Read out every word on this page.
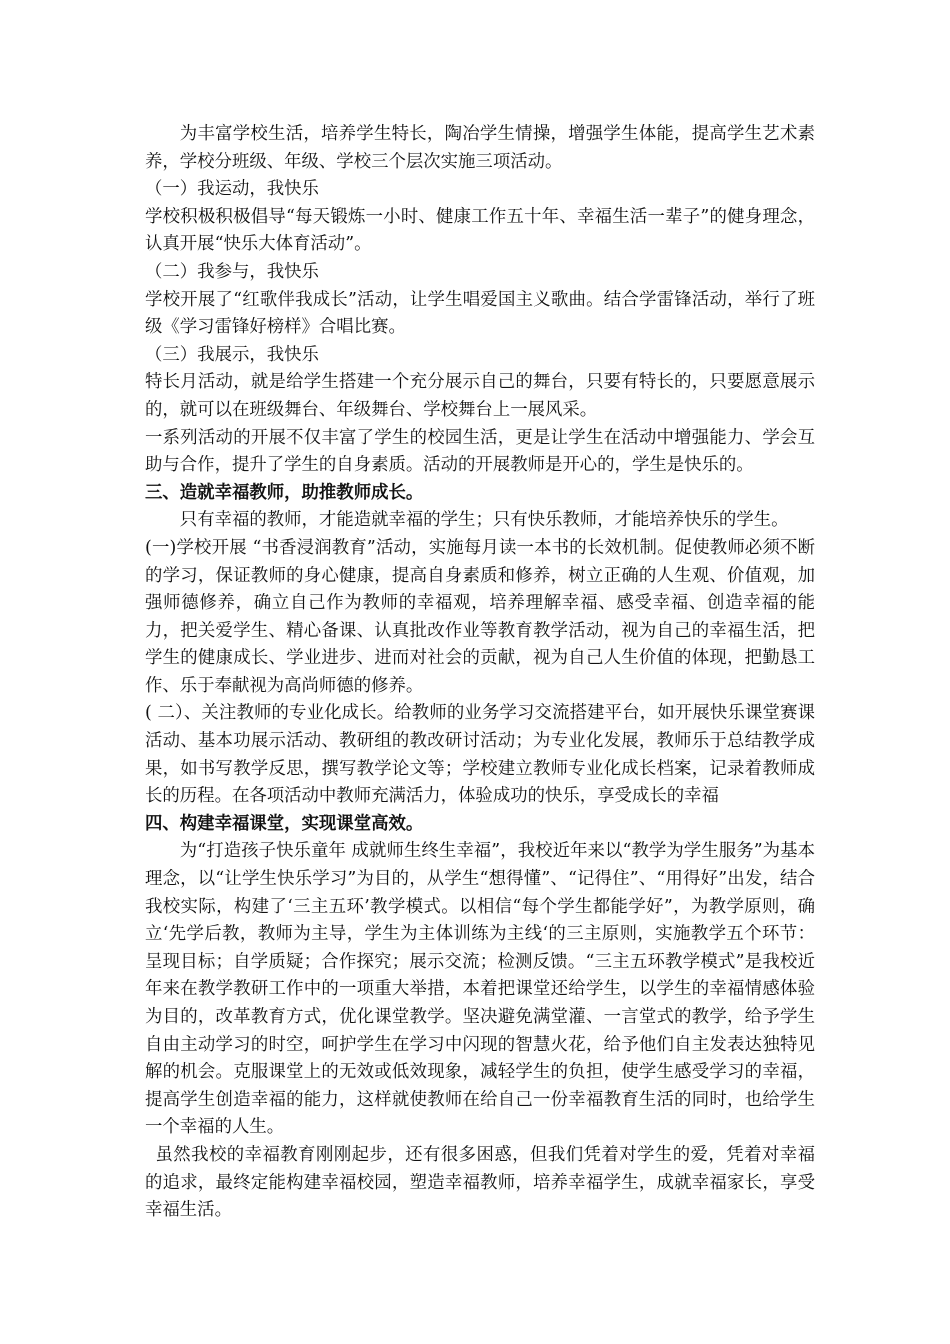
为丰富学校生活，培养学生特长，陶冶学生情操，增强学生体能，提高学生艺术素养，学校分班级、年级、学校三个层次实施三项活动。

（一）我运动，我快乐

学校积极积极倡导“每天锻炼一小时、健康工作五十年、幸福生活一辈子”的健身理念，认真开展“快乐大体育活动”。

（二）我参与，我快乐

学校开展了“红歌伴我成长”活动，让学生唱爱国主义歌曲。结合学雷锋活动，举行了班级《学习雷锋好榜样》合唱比赛。

（三）我展示，我快乐

特长月活动，就是给学生搭建一个充分展示自己的舞台，只要有特长的，只要愿意展示的，就可以在班级舞台、年级舞台、学校舞台上一展风采。

一系列活动的开展不仅丰富了学生的校园生活，更是让学生在活动中增强能力、学会互助与合作，提升了学生的自身素质。活动的开展教师是开心的，学生是快乐的。

三、造就幸福教师，助推教师成长。

只有幸福的教师，才能造就幸福的学生；只有快乐教师，才能培养快乐的学生。

(一)学校开展 “书香浸润教育”活动，实施每月读一本书的长效机制。促使教师必须不断的学习，保证教师的身心健康，提高自身素质和修养，树立正确的人生观、价值观，加强师德修养，确立自己作为教师的幸福观，培养理解幸福、感受幸福、创造幸福的能力，把关爱学生、精心备课、认真批改作业等教育教学活动，视为自己的幸福生活，把学生的健康成长、学业进步、进而对社会的贡献，视为自己人生价值的体现，把勤恳工作、乐于奉献视为高尚师德的修养。

( 二）、关注教师的专业化成长。给教师的业务学习交流搭建平台，如开展快乐课堂赛课活动、基本功展示活动、教研组的教改研讨活动；为专业化发展，教师乐于总结教学成果，如书写教学反思，撰写教学论文等；学校建立教师专业化成长档案，记录着教师成长的历程。在各项活动中教师充满活力，体验成功的快乐，享受成长的幸福

四、构建幸福课堂，实现课堂高效。

为“打造孩子快乐童年 成就师生终生幸福”，我校近年来以“教学为学生服务”为基本理念，以“让学生快乐学习”为目的，从学生“想得懂”、“记得住”、“用得好”出发，结合我校实际，构建了‘三主五环’教学模式。以相信“每个学生都能学好”，为教学原则，确立‘先学后教，教师为主导，学生为主体训练为主线‘的三主原则，实施教学五个环节：呈现目标；自学质疑；合作探究；展示交流；检测反馈。“三主五环教学模式”是我校近年来在教学教研工作中的一项重大举措，本着把课堂还给学生，以学生的幸福情感体验为目的，改革教育方式，优化课堂教学。坚决避免满堂灌、一言堂式的教学，给予学生自由主动学习的时空，呵护学生在学习中闪现的智慧火花，给予他们自主发表达独特见解的机会。克服课堂上的无效或低效现象，减轻学生的负担，使学生感受学习的幸福，提高学生创造幸福的能力，这样就使教师在给自己一份幸福教育生活的同时，也给学生一个幸福的人生。

虽然我校的幸福教育刚刚起步，还有很多困惑，但我们凭着对学生的爱，凭着对幸福的追求，最终定能构建幸福校园，塑造幸福教师，培养幸福学生，成就幸福家长，享受幸福生活。
